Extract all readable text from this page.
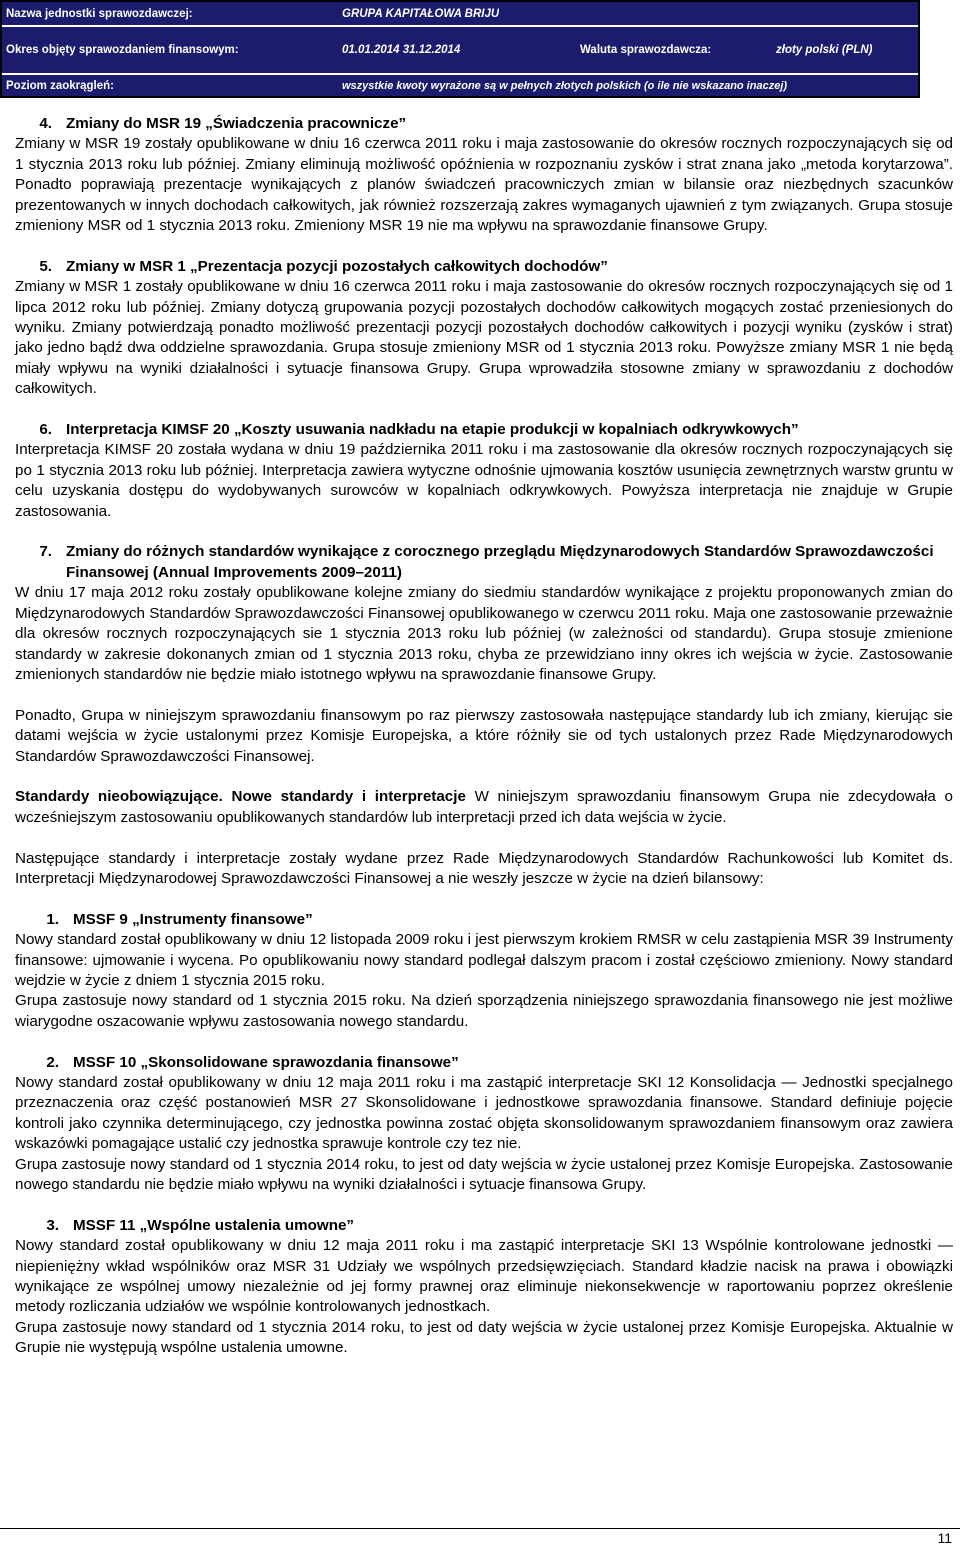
Nazwa jednostki sprawozdawczej:	GRUPA KAPITAŁOWA BRIJU
Okres objęty sprawozdaniem finansowym:	01.01.2014 31.12.2014	Waluta sprawozdawcza:	złoty polski (PLN)
Poziom zaokrągleń:	wszystkie kwoty wyrażone są w pełnych złotych polskich (o ile nie wskazano inaczej)
4. Zmiany do MSR 19 „Świadczenia pracownicze”

Zmiany w MSR 19 zostały opublikowane w dniu 16 czerwca 2011 roku i maja zastosowanie do okresów rocznych rozpoczynających się od 1 stycznia 2013 roku lub później. Zmiany eliminują możliwość opóźnienia w rozpoznaniu zysków i strat znana jako „metoda korytarzowa”. Ponadto poprawiają prezentacje wynikających z planów świadczeń pracowniczych zmian w bilansie oraz niezbędnych szacunków prezentowanych w innych dochodach całkowitych, jak również rozszerzają zakres wymaganych ujawnień z tym związanych. Grupa stosuje zmieniony MSR od 1 stycznia 2013 roku. Zmieniony MSR 19 nie ma wpływu na sprawozdanie finansowe Grupy.

5. Zmiany w MSR 1 „Prezentacja pozycji pozostałych całkowitych dochodów”

Zmiany w MSR 1 zostały opublikowane w dniu 16 czerwca 2011 roku i maja zastosowanie do okresów rocznych rozpoczynających się od 1 lipca 2012 roku lub później. Zmiany dotyczą grupowania pozycji pozostałych dochodów całkowitych mogących zostać przeniesionych do wyniku. Zmiany potwierdzają ponadto możliwość prezentacji pozycji pozostałych dochodów całkowitych i pozycji wyniku (zysków i strat) jako jedno bądź dwa oddzielne sprawozdania. Grupa stosuje zmieniony MSR od 1 stycznia 2013 roku. Powyższe zmiany MSR 1 nie będą miały wpływu na wyniki działalności i sytuacje finansowa Grupy. Grupa wprowadziła stosowne zmiany w sprawozdaniu z dochodów całkowitych.

6. Interpretacja KIMSF 20 „Koszty usuwania nadkładu na etapie produkcji w kopalniach odkrywkowych”

Interpretacja KIMSF 20 została wydana w dniu 19 października 2011 roku i ma zastosowanie dla okresów rocznych rozpoczynających się po 1 stycznia 2013 roku lub później. Interpretacja zawiera wytyczne odnośnie ujmowania kosztów usunięcia zewnętrznych warstw gruntu w celu uzyskania dostępu do wydobywanych surowców w kopalniach odkrywkowych. Powyższa interpretacja nie znajduje w Grupie zastosowania.

7. Zmiany do różnych standardów wynikające z corocznego przeglądu Międzynarodowych Standardów Sprawozdawczości Finansowej (Annual Improvements 2009–2011)

W dniu 17 maja 2012 roku zostały opublikowane kolejne zmiany do siedmiu standardów wynikające z projektu proponowanych zmian do Międzynarodowych Standardów Sprawozdawczości Finansowej opublikowanego w czerwcu 2011 roku. Maja one zastosowanie przeważnie dla okresów rocznych rozpoczynających sie 1 stycznia 2013 roku lub później (w zależności od standardu). Grupa stosuje zmienione standardy w zakresie dokonanych zmian od 1 stycznia 2013 roku, chyba ze przewidziano inny okres ich wejścia w życie. Zastosowanie zmienionych standardów nie będzie miało istotnego wpływu na sprawozdanie finansowe Grupy.

Ponadto, Grupa w niniejszym sprawozdaniu finansowym po raz pierwszy zastosowała następujące standardy lub ich zmiany, kierując sie datami wejścia w życie ustalonymi przez Komisje Europejska, a które różniły sie od tych ustalonych przez Rade Międzynarodowych Standardów Sprawozdawczości Finansowej.

Standardy nieobowiązujące. Nowe standardy i interpretacje W niniejszym sprawozdaniu finansowym Grupa nie zdecydowała o wcześniejszym zastosowaniu opublikowanych standardów lub interpretacji przed ich data wejścia w życie.

Następujące standardy i interpretacje zostały wydane przez Rade Międzynarodowych Standardów Rachunkowości lub Komitet ds. Interpretacji Międzynarodowej Sprawozdawczości Finansowej a nie weszły jeszcze w życie na dzień bilansowy:

1. MSSF 9 „Instrumenty finansowe”

Nowy standard został opublikowany w dniu 12 listopada 2009 roku i jest pierwszym krokiem RMSR w celu zastąpienia MSR 39 Instrumenty finansowe: ujmowanie i wycena. Po opublikowaniu nowy standard podlegał dalszym pracom i został częściowo zmieniony. Nowy standard wejdzie w życie z dniem 1 stycznia 2015 roku.

Grupa zastosuje nowy standard od 1 stycznia 2015 roku. Na dzień sporządzenia niniejszego sprawozdania finansowego nie jest możliwe wiarygodne oszacowanie wpływu zastosowania nowego standardu.

2. MSSF 10 „Skonsolidowane sprawozdania finansowe”

Nowy standard został opublikowany w dniu 12 maja 2011 roku i ma zastąpić interpretacje SKI 12 Konsolidacja — Jednostki specjalnego przeznaczenia oraz część postanowień MSR 27 Skonsolidowane i jednostkowe sprawozdania finansowe. Standard definiuje pojęcie kontroli jako czynnika determinującego, czy jednostka powinna zostać objęta skonsolidowanym sprawozdaniem finansowym oraz zawiera wskazówki pomagające ustalić czy jednostka sprawuje kontrole czy tez nie.

Grupa zastosuje nowy standard od 1 stycznia 2014 roku, to jest od daty wejścia w życie ustalonej przez Komisje Europejska. Zastosowanie nowego standardu nie będzie miało wpływu na wyniki działalności i sytuacje finansowa Grupy.

3. MSSF 11 „Wspólne ustalenia umowne”

Nowy standard został opublikowany w dniu 12 maja 2011 roku i ma zastąpić interpretacje SKI 13 Wspólnie kontrolowane jednostki — niepieniężny wkład wspólników oraz MSR 31 Udziały we wspólnych przedsięwzięciach. Standard kładzie nacisk na prawa i obowiązki wynikające ze wspólnej umowy niezależnie od jej formy prawnej oraz eliminuje niekonsekwencje w raportowaniu poprzez określenie metody rozliczania udziałów we wspólnie kontrolowanych jednostkach.

Grupa zastosuje nowy standard od 1 stycznia 2014 roku, to jest od daty wejścia w życie ustalonej przez Komisje Europejska. Aktualnie w Grupie nie występują wspólne ustalenia umowne.

11
